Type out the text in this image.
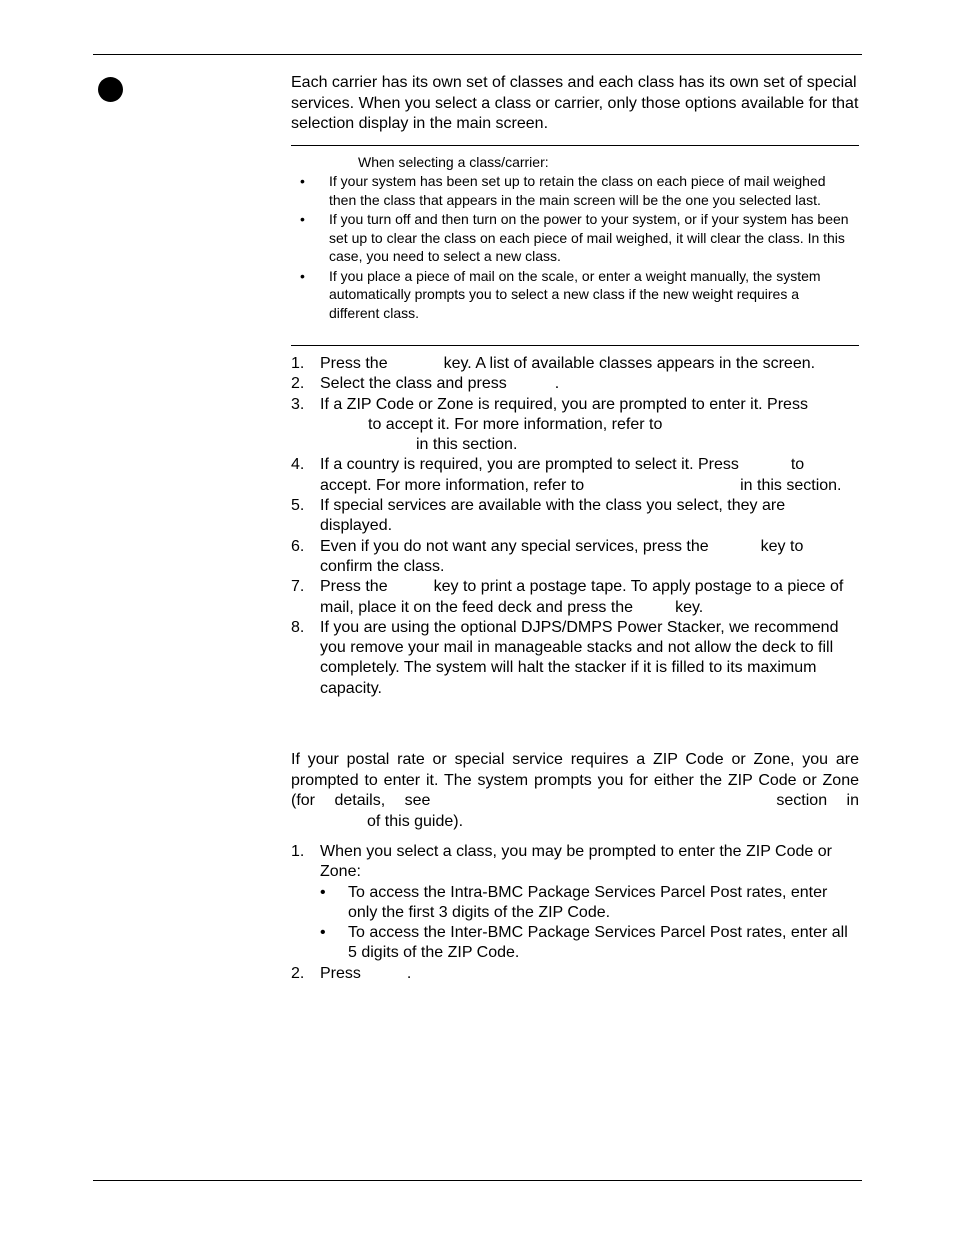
Each carrier has its own set of classes and each class has its own set of special services. When you select a class or carrier, only those options available for that selection display in the main screen.

When selecting a class/carrier:

• If your system has been set up to retain the class on each piece of mail weighed then the class that appears in the main screen will be the one you selected last.
• If you turn off and then turn on the power to your system, or if your system has been set up to clear the class on each piece of mail weighed, it will clear the class. In this case, you need to select a new class.
• If you place a piece of mail on the scale, or enter a weight manually, the system automatically prompts you to select a new class if the new weight requires a different class.
1. Press the	key. A list of available classes appears in the screen.
2. Select the class and press	.
3. If a ZIP Code or Zone is required, you are prompted to enter it. Press
to accept it. For more information, refer to
in this section.
4. If a country is required, you are prompted to select it. Press	to accept. For more information, refer to	in this section.
5. If special services are available with the class you select, they are displayed.
6. Even if you do not want any special services, press the	key to confirm the class.
7. Press the	key to print a postage tape. To apply postage to a piece of mail, place it on the feed deck and press the	key.
8. If you are using the optional DJPS/DMPS Power Stacker, we recommend you remove your mail in manageable stacks and not allow the deck to fill completely. The system will halt the stacker if it is filled to its maximum capacity.

If your postal rate or special service requires a ZIP Code or Zone, you are prompted to enter it. The system prompts you for either the ZIP Code or Zone (for details, see	section inof this guide).

1. When you select a class, you may be prompted to enter the ZIP Code or Zone:
• To access the Intra-BMC Package Services Parcel Post rates, enter only the first 3 digits of the ZIP Code.
• To access the Inter-BMC Package Services Parcel Post rates, enter all 5 digits of the ZIP Code.
2. Press	.
